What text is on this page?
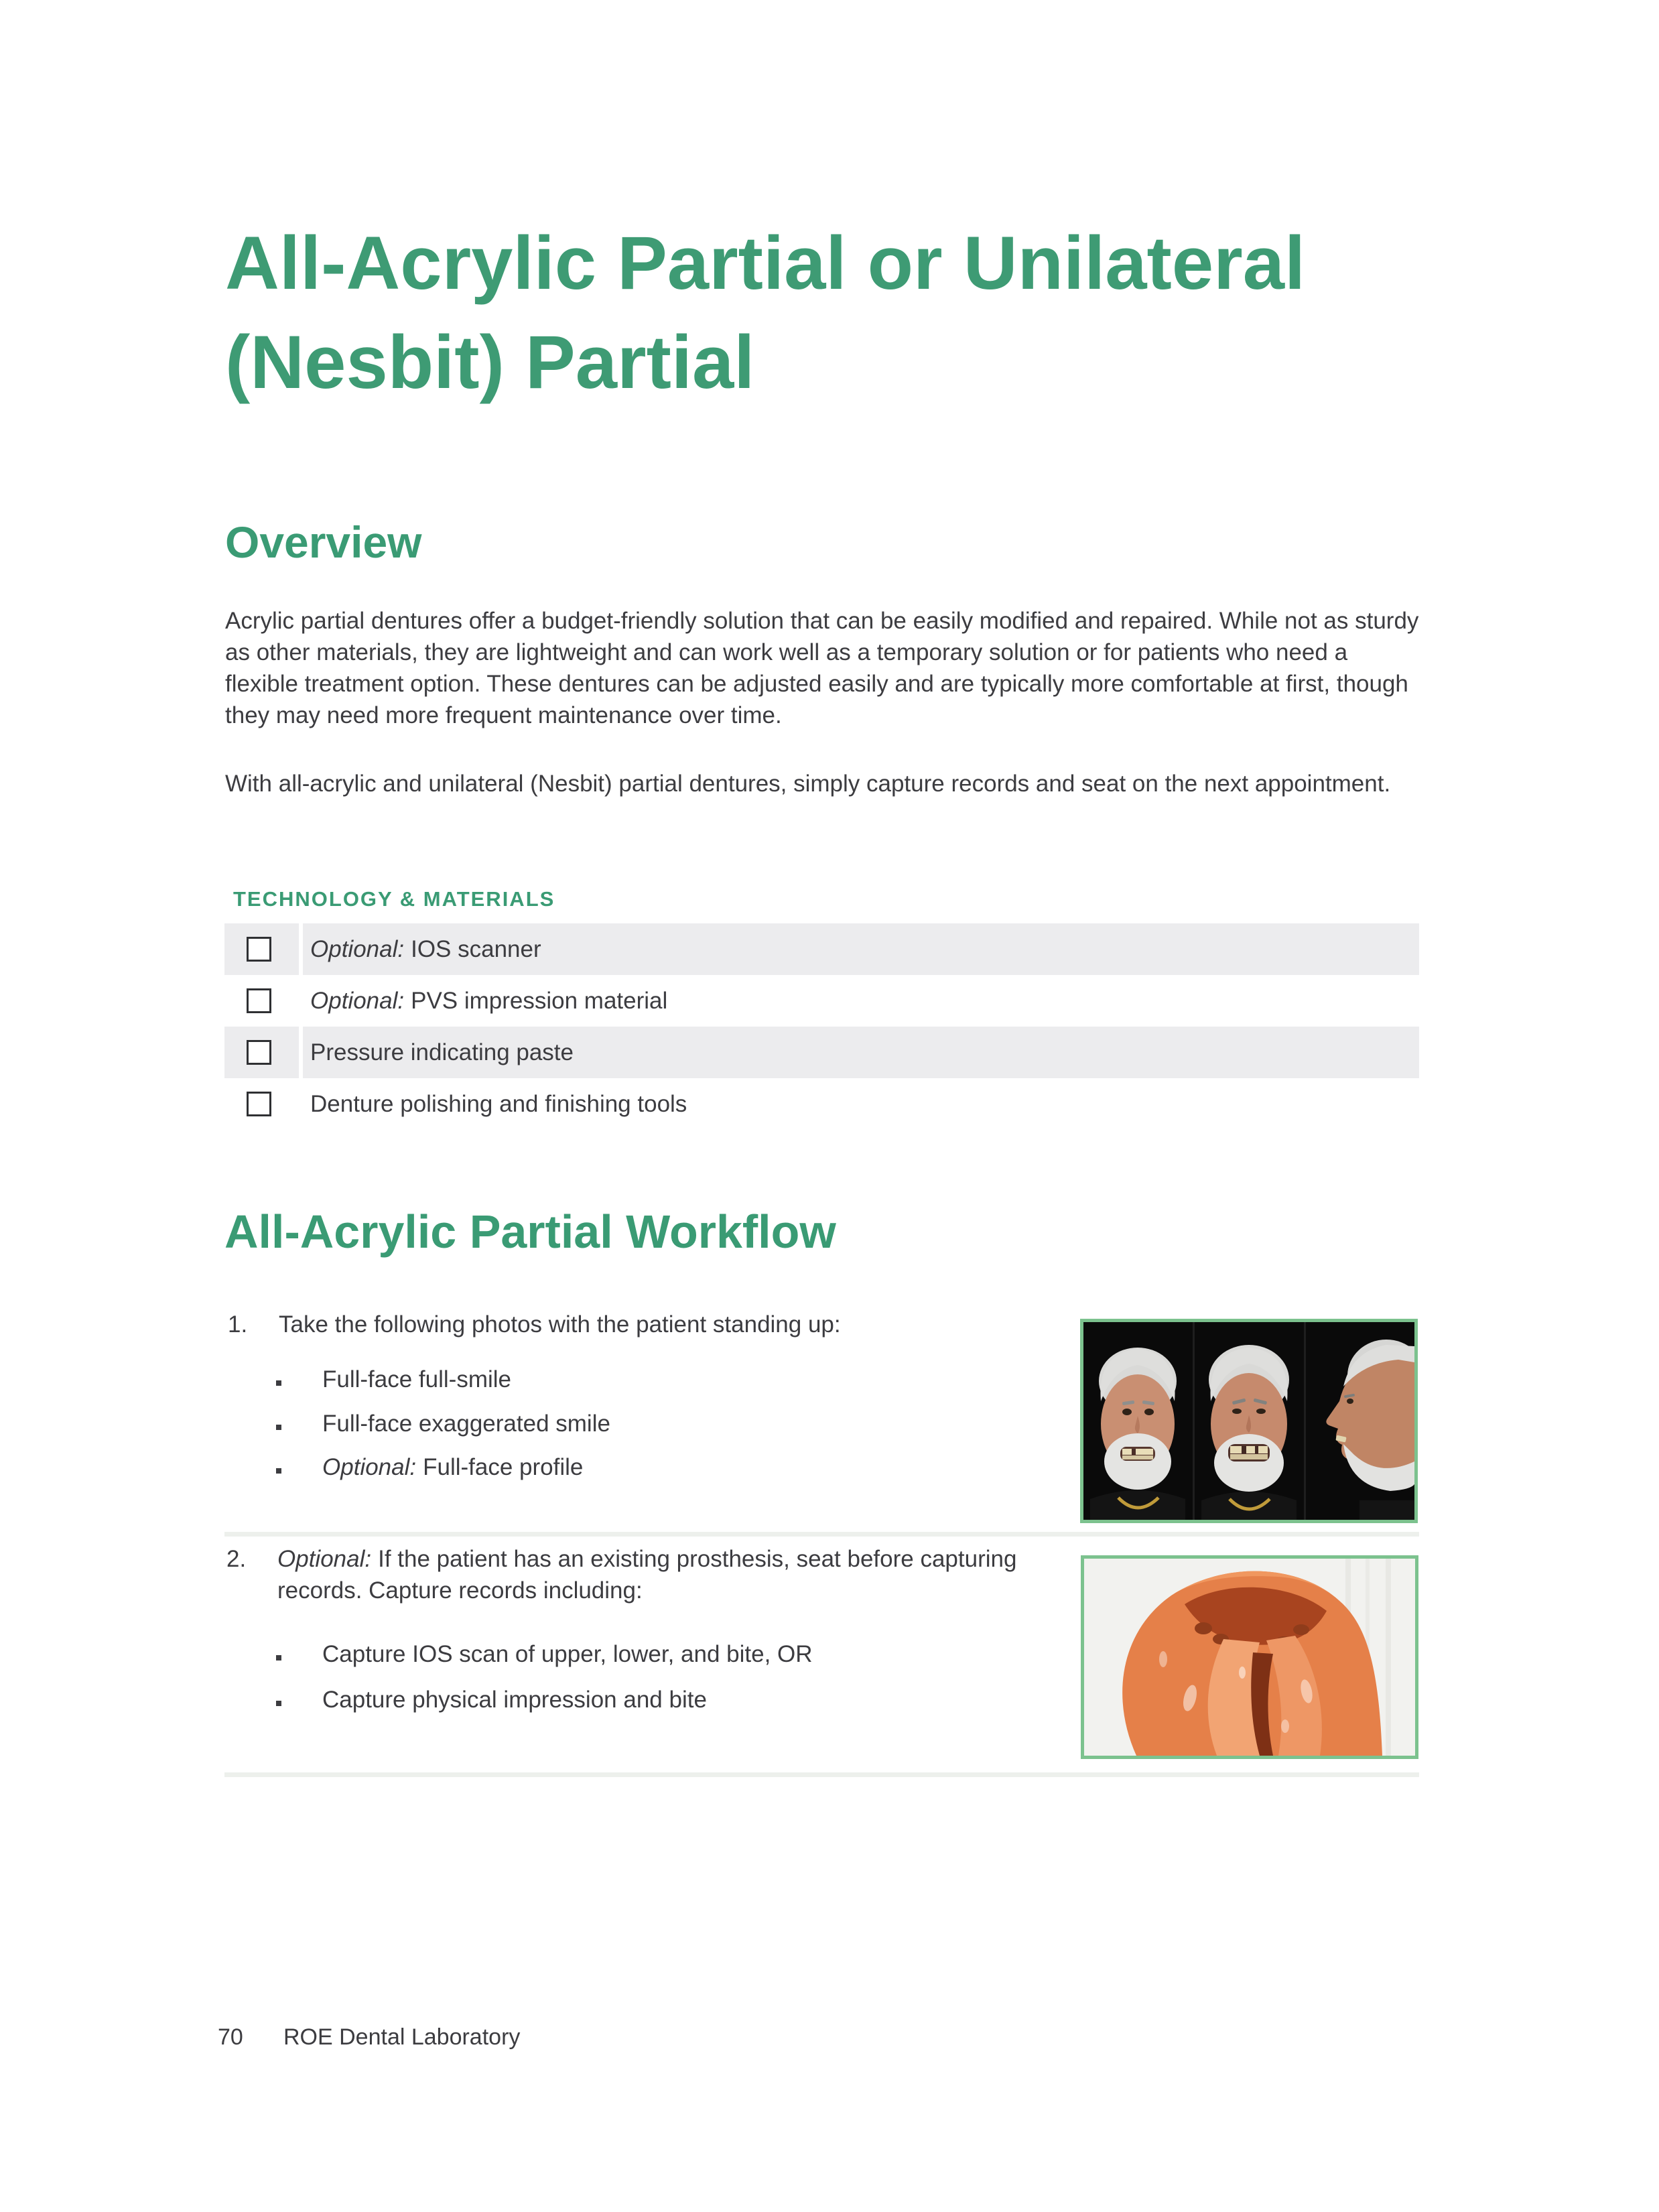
All-Acrylic Partial or Unilateral (Nesbit) Partial
Overview
Acrylic partial dentures offer a budget-friendly solution that can be easily modified and repaired. While not as sturdy as other materials, they are lightweight and can work well as a temporary solution or for patients who need a flexible treatment option. These dentures can be adjusted easily and are typically more comfortable at first, though they may need more frequent maintenance over time.
With all-acrylic and unilateral (Nesbit) partial dentures, simply capture records and seat on the next appointment.
TECHNOLOGY & MATERIALS
Optional: IOS scanner
Optional: PVS impression material
Pressure indicating paste
Denture polishing and finishing tools
All-Acrylic Partial Workflow
1. Take the following photos with the patient standing up:
Full-face full-smile
Full-face exaggerated smile
Optional: Full-face profile
2. Optional: If the patient has an existing prosthesis, seat before capturing records. Capture records including:
Capture IOS scan of upper, lower, and bite, OR
Capture physical impression and bite
70 ROE Dental Laboratory
